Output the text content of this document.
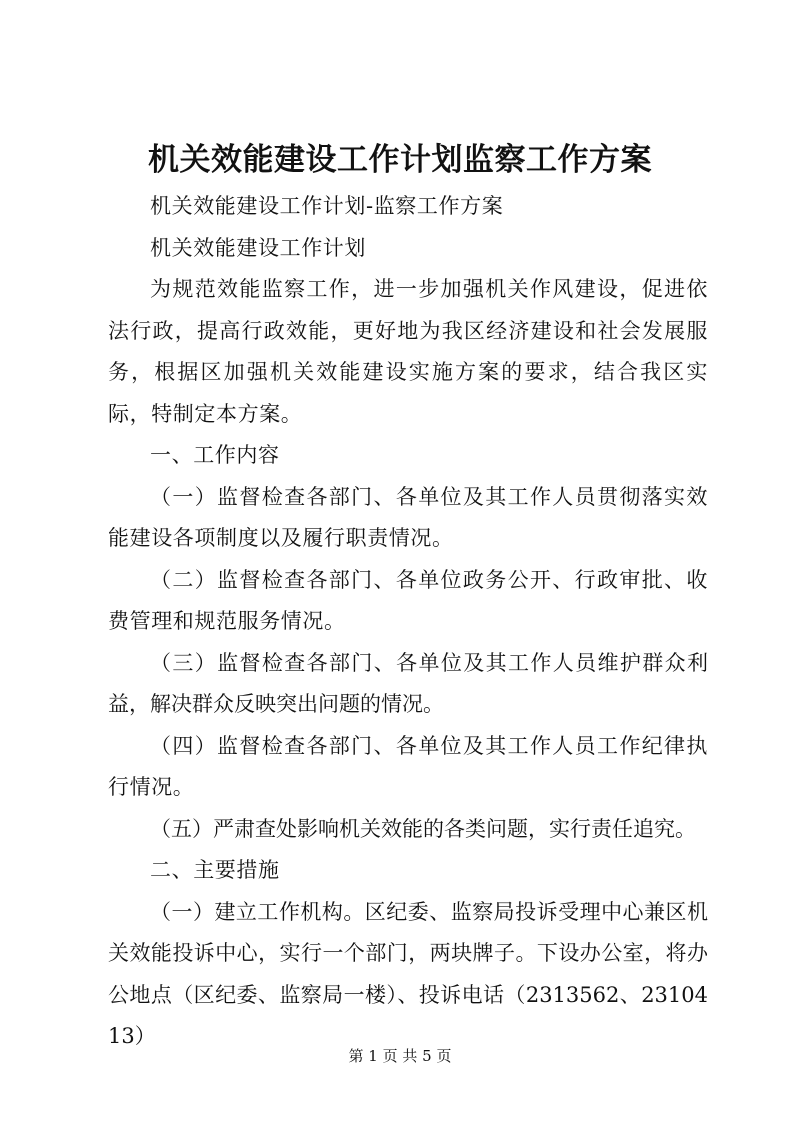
机关效能建设工作计划监察工作方案

机关效能建设工作计划-监察工作方案

机关效能建设工作计划

为规范效能监察工作，进一步加强机关作风建设，促进依法行政，提高行政效能，更好地为我区经济建设和社会发展服务，根据区加强机关效能建设实施方案的要求，结合我区实际，特制定本方案。

一、工作内容

（一）监督检查各部门、各单位及其工作人员贯彻落实效能建设各项制度以及履行职责情况。

（二）监督检查各部门、各单位政务公开、行政审批、收费管理和规范服务情况。

（三）监督检查各部门、各单位及其工作人员维护群众利益，解决群众反映突出问题的情况。

（四）监督检查各部门、各单位及其工作人员工作纪律执行情况。

（五）严肃查处影响机关效能的各类问题，实行责任追究。

二、主要措施

（一）建立工作机构。区纪委、监察局投诉受理中心兼区机关效能投诉中心，实行一个部门，两块牌子。下设办公室，将办公地点（区纪委、监察局一楼）、投诉电话（2313562、2310413）

第 1 页 共 5 页
